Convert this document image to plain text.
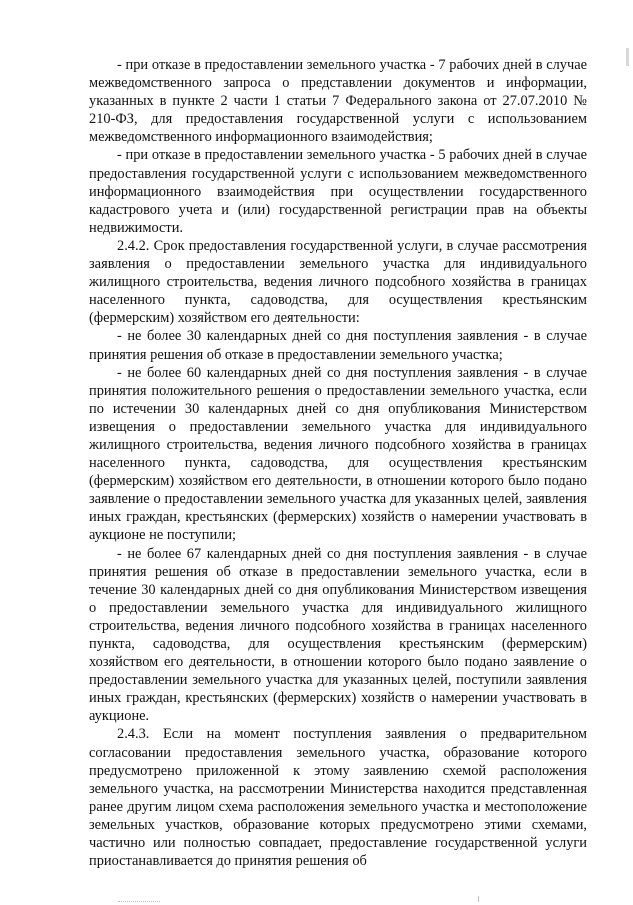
- при отказе в предоставлении земельного участка - 7 рабочих дней в случае межведомственного запроса о представлении документов и информации, указанных в пункте 2 части 1 статьи 7 Федерального закона от 27.07.2010 № 210-ФЗ, для предоставления государственной услуги с использованием межведомственного информационного взаимодействия;

- при отказе в предоставлении земельного участка - 5 рабочих дней в случае предоставления государственной услуги с использованием межведомственного информационного взаимодействия при осуществлении государственного кадастрового учета и (или) государственной регистрации прав на объекты недвижимости.

2.4.2. Срок предоставления государственной услуги, в случае рассмотрения заявления о предоставлении земельного участка для индивидуального жилищного строительства, ведения личного подсобного хозяйства в границах населенного пункта, садоводства, для осуществления крестьянским (фермерским) хозяйством его деятельности:

- не более 30 календарных дней со дня поступления заявления - в случае принятия решения об отказе в предоставлении земельного участка;

- не более 60 календарных дней со дня поступления заявления - в случае принятия положительного решения о предоставлении земельного участка, если по истечении 30 календарных дней со дня опубликования Министерством извещения о предоставлении земельного участка для индивидуального жилищного строительства, ведения личного подсобного хозяйства в границах населенного пункта, садоводства, для осуществления крестьянским (фермерским) хозяйством его деятельности, в отношении которого было подано заявление о предоставлении земельного участка для указанных целей, заявления иных граждан, крестьянских (фермерских) хозяйств о намерении участвовать в аукционе не поступили;

- не более 67 календарных дней со дня поступления заявления - в случае принятия решения об отказе в предоставлении земельного участка, если в течение 30 календарных дней со дня опубликования Министерством извещения о предоставлении земельного участка для индивидуального жилищного строительства, ведения личного подсобного хозяйства в границах населенного пункта, садоводства, для осуществления крестьянским (фермерским) хозяйством его деятельности, в отношении которого было подано заявление о предоставлении земельного участка для указанных целей, поступили заявления иных граждан, крестьянских (фермерских) хозяйств о намерении участвовать в аукционе.

2.4.3. Если на момент поступления заявления о предварительном согласовании предоставления земельного участка, образование которого предусмотрено приложенной к этому заявлению схемой расположения земельного участка, на рассмотрении Министерства находится представленная ранее другим лицом схема расположения земельного участка и местоположение земельных участков, образование которых предусмотрено этими схемами, частично или полностью совпадает, предоставление государственной услуги приостанавливается до принятия решения об
